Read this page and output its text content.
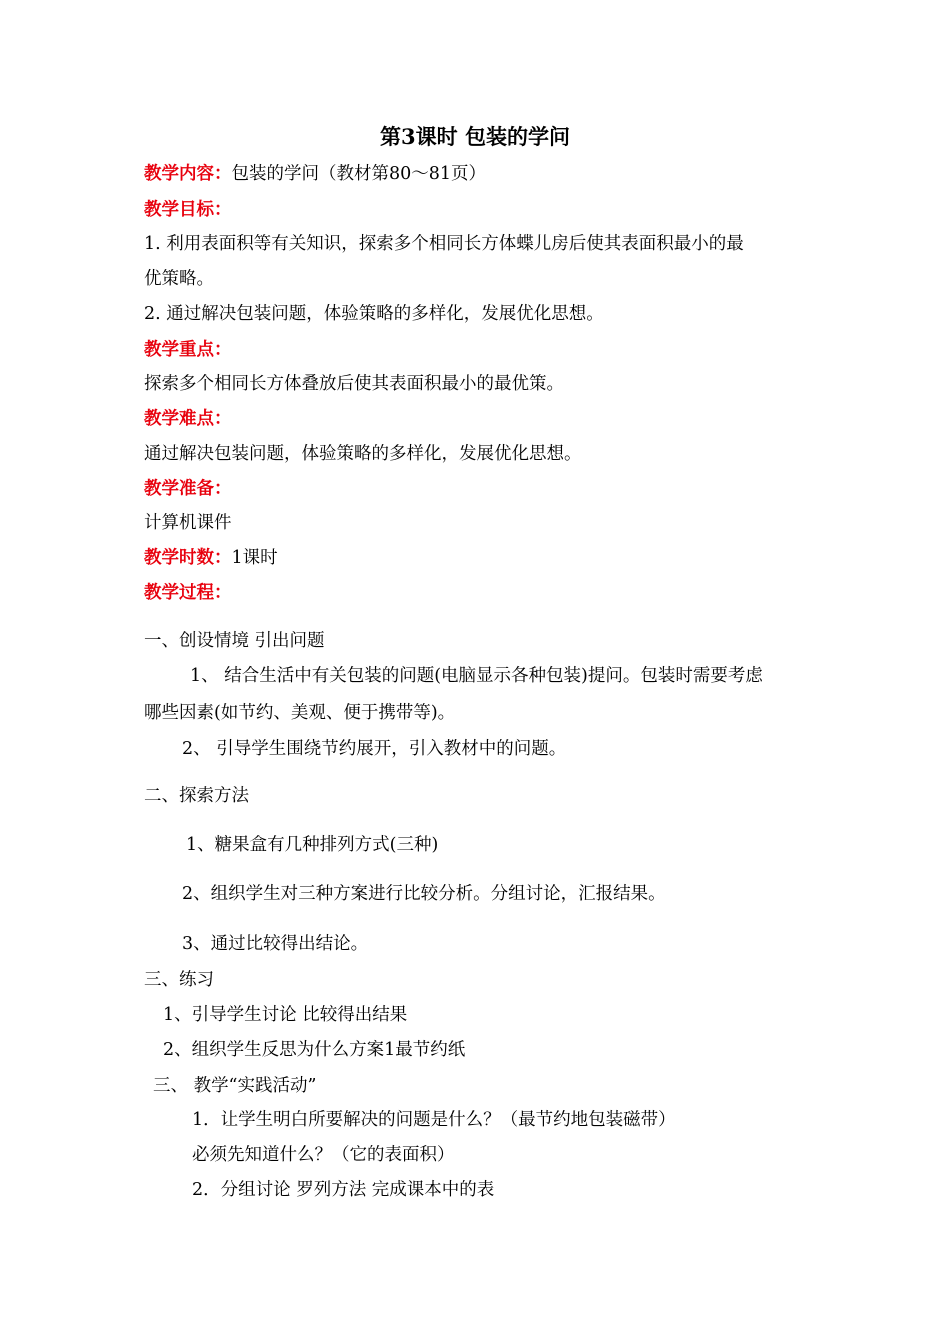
第3课时 包装的学问
教学内容：包装的学问（教材第80～81页）
教学目标：
1. 利用表面积等有关知识，探索多个相同长方体蝶儿房后使其表面积最小的最
优策略。
2. 通过解决包装问题，体验策略的多样化，发展优化思想。
教学重点：
探索多个相同长方体叠放后使其表面积最小的最优策。
教学难点：
通过解决包装问题，体验策略的多样化，发展优化思想。
教学准备：
计算机课件
教学时数：1课时
教学过程：
一、创设情境 引出问题
1、 结合生活中有关包装的问题(电脑显示各种包装)提问。包装时需要考虑
哪些因素(如节约、美观、便于携带等)。
2、 引导学生围绕节约展开，引入教材中的问题。
二、探索方法
1、糖果盒有几种排列方式(三种)
2、组织学生对三种方案进行比较分析。分组讨论，汇报结果。
3、通过比较得出结论。
三、练习
1、引导学生讨论 比较得出结果
2、组织学生反思为什么方案1最节约纸
三、 教学“实践活动”
1．让学生明白所要解决的问题是什么？（最节约地包装磁带）
必须先知道什么？（它的表面积）
2．分组讨论 罗列方法 完成课本中的表
